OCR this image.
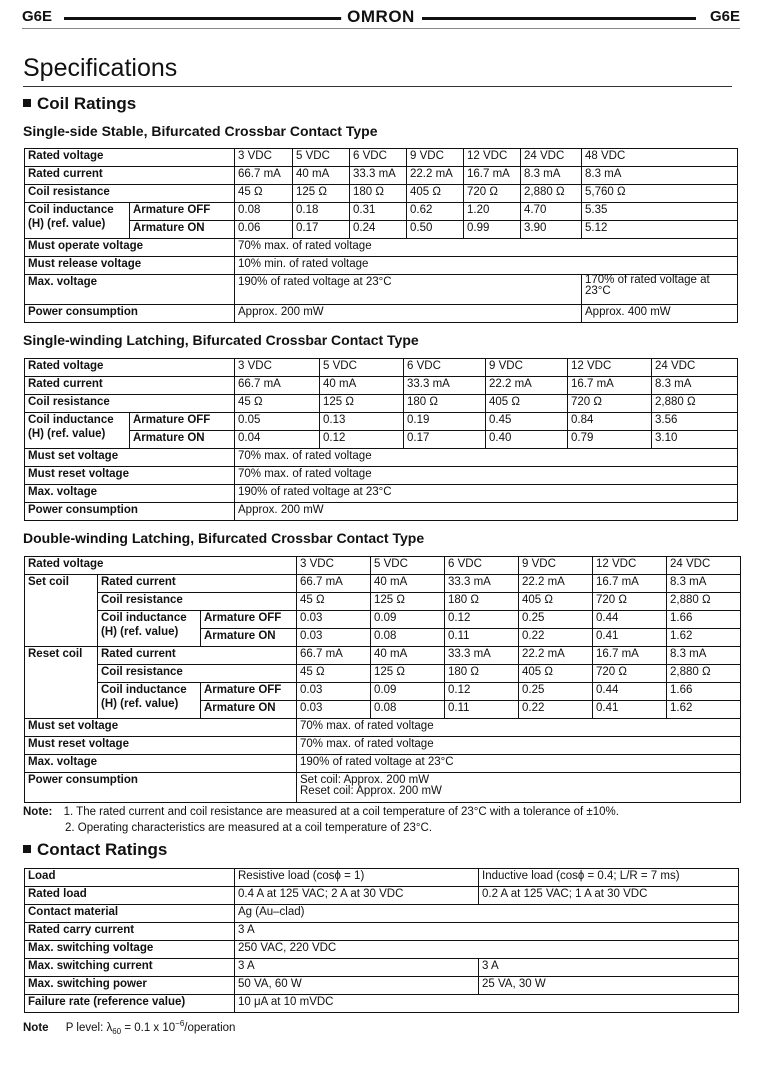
G6E	OMRON	G6E
Specifications
Coil Ratings
Single-side Stable, Bifurcated Crossbar Contact Type
Rated voltage		3 VDC	5 VDC	6 VDC	9 VDC	12 VDC	24 VDC	48 VDC
Rated current		66.7 mA	40 mA	33.3 mA	22.2 mA	16.7 mA	8.3 mA	8.3 mA
Coil resistance		45 Ω	125 Ω	180 Ω	405 Ω	720 Ω	2,880 Ω	5,760 Ω
Coil inductance (H) (ref. value)	Armature OFF	0.08	0.18	0.31	0.62	1.20	4.70	5.35
	Armature ON	0.06	0.17	0.24	0.50	0.99	3.90	5.12
Must operate voltage		70% max. of rated voltage						
Must release voltage		10% min. of rated voltage						
Max. voltage		190% of rated voltage at 23°C						170% of rated voltage at 23°C
Power consumption		Approx. 200 mW						Approx. 400 mW
Single-winding Latching, Bifurcated Crossbar Contact Type
Rated voltage		3 VDC	5 VDC	6 VDC	9 VDC	12 VDC	24 VDC
Rated current		66.7 mA	40 mA	33.3 mA	22.2 mA	16.7 mA	8.3 mA
Coil resistance		45 Ω	125 Ω	180 Ω	405 Ω	720 Ω	2,880 Ω
Coil inductance (H) (ref. value)	Armature OFF	0.05	0.13	0.19	0.45	0.84	3.56
	Armature ON	0.04	0.12	0.17	0.40	0.79	3.10
Must set voltage		70% max. of rated voltage					
Must reset voltage		70% max. of rated voltage					
Max. voltage		190% of rated voltage at 23°C					
Power consumption		Approx. 200 mW					
Double-winding Latching, Bifurcated Crossbar Contact Type
Rated voltage			3 VDC	5 VDC	6 VDC	9 VDC	12 VDC	24 VDC
Set coil	Rated current		66.7 mA	40 mA	33.3 mA	22.2 mA	16.7 mA	8.3 mA
	Coil resistance		45 Ω	125 Ω	180 Ω	405 Ω	720 Ω	2,880 Ω
	Coil inductance (H) (ref. value)	Armature OFF	0.03	0.09	0.12	0.25	0.44	1.66
		Armature ON	0.03	0.08	0.11	0.22	0.41	1.62
Reset coil	Rated current		66.7 mA	40 mA	33.3 mA	22.2 mA	16.7 mA	8.3 mA
	Coil resistance		45 Ω	125 Ω	180 Ω	405 Ω	720 Ω	2,880 Ω
	Coil inductance (H) (ref. value)	Armature OFF	0.03	0.09	0.12	0.25	0.44	1.66
		Armature ON	0.03	0.08	0.11	0.22	0.41	1.62
Must set voltage			70% max. of rated voltage					
Must reset voltage			70% max. of rated voltage					
Max. voltage			190% of rated voltage at 23°C					
Power consumption			Set coil: Approx. 200 mW
Reset coil: Approx. 200 mW					
Note: 1. The rated current and coil resistance are measured at a coil temperature of 23°C with a tolerance of ±10%.
2. Operating characteristics are measured at a coil temperature of 23°C.
Contact Ratings
Load	Resistive load (cosϕ = 1)	Inductive load (cosϕ = 0.4; L/R = 7 ms)
Rated load	0.4 A at 125 VAC; 2 A at 30 VDC	0.2 A at 125 VAC; 1 A at 30 VDC
Contact material	Ag (Au–clad)	
Rated carry current	3 A	
Max. switching voltage	250 VAC, 220 VDC	
Max. switching current	3 A	3 A
Max. switching power	50 VA, 60 W	25 VA, 30 W
Failure rate (reference value)	10 μA at 10 mVDC	
Note P level: $\lambda_{60} = 0.1$ x $10^{-6}$/operation
